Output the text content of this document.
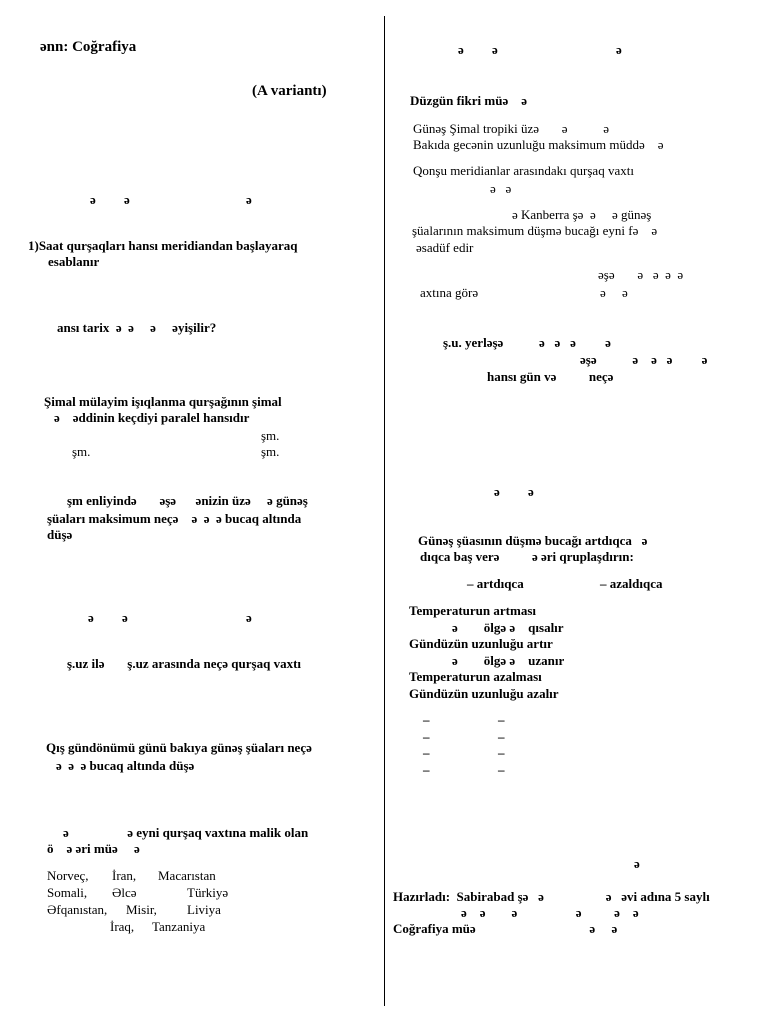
ənn: Coğrafiya
(A variantı)
ə ə	ə
1)Saat qurşaqları hansı meridiandan başlayaraq
esablanır
ansı tarix  ə  ə     ə     əyişilir?
Şimal mülayim işıqlanma qurşağının şimal
ə    əddinin keçdiyi paralel hansıdır
şm.
şm.	şm.
şm enliyində       əşə      ənizin üzə     ə günəş
şüaları maksimum neçə    ə  ə  ə bucaq altında
düşə
ə ə	ə
ş.uz ilə       ş.uz arasında neçə qurşaq vaxtı
Qış gündönümü günü bakıya günəş şüaları neçə
ə  ə  ə bucaq altında düşə
ə                  ə eyni qurşaq vaxtına malik olan
ö    ə əri müə     ə
Norveç, İran, Macarıstan
Somali, Əlcə	Türkiyə
Əfqanıstan, Misir, Liviya
İraq, Tanzaniya
ə ə	ə
Düzgün fikri müə    ə
Günəş Şimal tropiki üzə       ə           ə
Bakıda gecənin uzunluğu maksimum müddə    ə
Qonşu meridianlar arasındakı qurşaq vaxtı
ə   ə
ə Kanberra şə  ə     ə günəş
şüalarının maksimum düşmə bucağı eyni fə    ə
əsadüf edir
əşə       ə   ə  ə  ə
axtına görə	ə     ə
ş.u. yerləşə           ə   ə   ə         ə
əşə           ə    ə   ə         ə
hansı gün və          neçə
ə ə
Günəş şüasının düşmə bucağı artdıqca   ə
dıqca baş verə          ə əri qruplaşdırın:
– artdıqca	– azaldıqca
Temperaturun artması
ə        ölgə ə    qısalır
Gündüzün uzunluğu artır
ə        ölgə ə    uzanır
Temperaturun azalması
Gündüzün uzunluğu azalır
–	–
–	–
–	–
–	–
ə
Hazırladı:  Sabirabad şə   ə                   ə   əvi adına 5 saylı
ə    ə        ə                  ə          ə    ə
Coğrafiya müə                                   ə     ə
